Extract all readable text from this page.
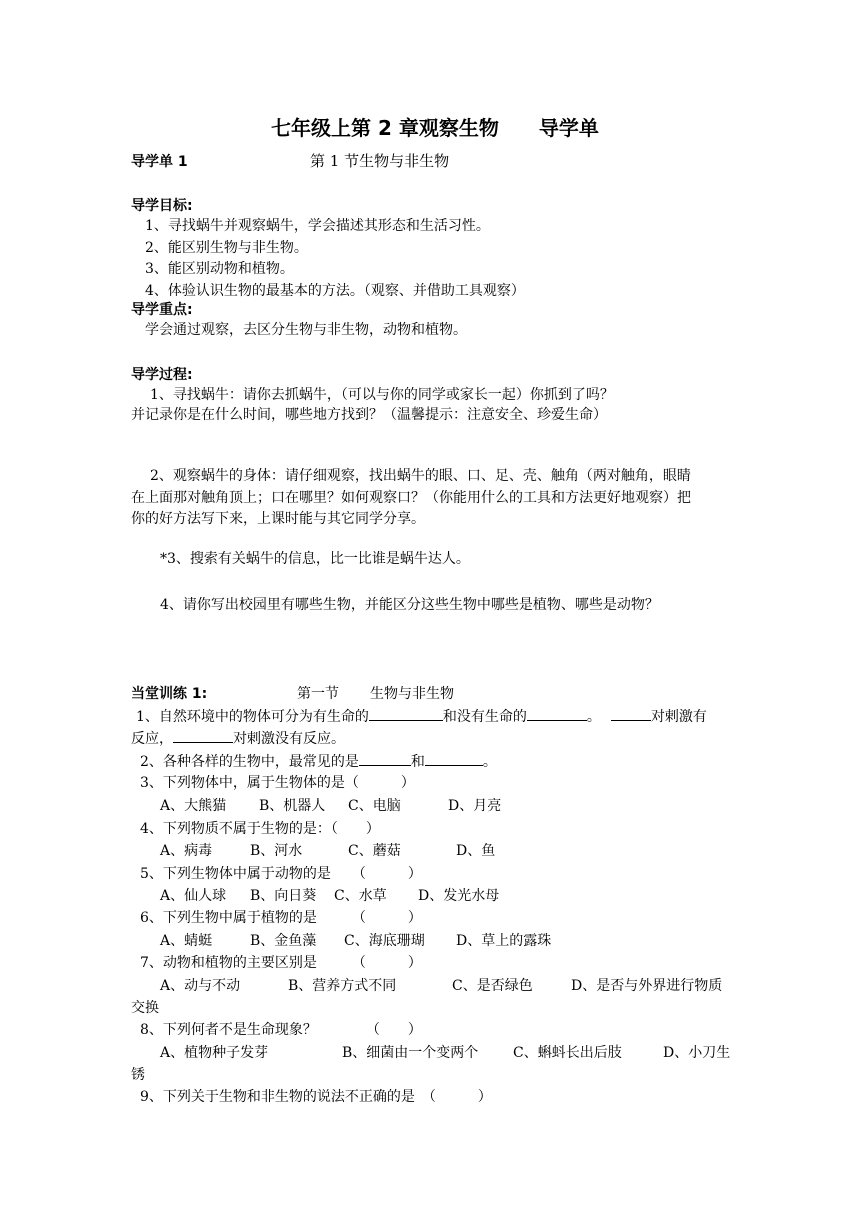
七年级上第 2 章观察生物　　导学单
导学单 1	第 1 节生物与非生物
导学目标:
1、寻找蜗牛并观察蜗牛，学会描述其形态和生活习性。
2、能区别生物与非生物。
3、能区别动物和植物。
4、体验认识生物的最基本的方法。（观察、并借助工具观察）
导学重点:
学会通过观察，去区分生物与非生物，动物和植物。
导学过程:
1、寻找蜗牛：请你去抓蜗牛，（可以与你的同学或家长一起）你抓到了吗？
并记录你是在什么时间，哪些地方找到？（温馨提示：注意安全、珍爱生命）
2、观察蜗牛的身体：请仔细观察，找出蜗牛的眼、口、足、壳、触角（两对触角，眼睛
在上面那对触角顶上；口在哪里？如何观察口？（你能用什么的工具和方法更好地观察）把
你的好方法写下来，上课时能与其它同学分享。
*3、搜索有关蜗牛的信息，比一比谁是蜗牛达人。
4、请你写出校园里有哪些生物，并能区分这些生物中哪些是植物、哪些是动物？
当堂训练 1:	第一节 生物与非生物
1、自然环境中的物体可分为有生命的	和没有生命的	。	对剌激有
反应，	对剌激没有反应。
2、各种各样的生物中，最常见的是	和	。
3、下列物体中，属于生物体的是（　　　）
A、大熊猫 B、机器人 C、电脑	D、月亮
4、下列物质不属于生物的是：（　　）
A、病毒	B、河水	C、蘑菇	D、鱼
5、下列生物体中属于动物的是　　（　　　）
A、仙人球 B、向日葵 C、水草 D、发光水母
6、下列生物中属于植物的是　　　（　　　）
A、蜻蜓	B、金鱼藻 C、海底珊瑚 D、草上的露珠
7、动物和植物的主要区别是　　　（　　　）
A、动与不动	B、营养方式不同	C、是否绿色	D、是否与外界进行物质
交换
8、下列何者不是生命现象？　　　　（　　）
A、植物种子发芽	B、细菌由一个变两个 C、蝌蚪长出后肢	D、小刀生
锈
9、下列关于生物和非生物的说法不正确的是　（　　　）
